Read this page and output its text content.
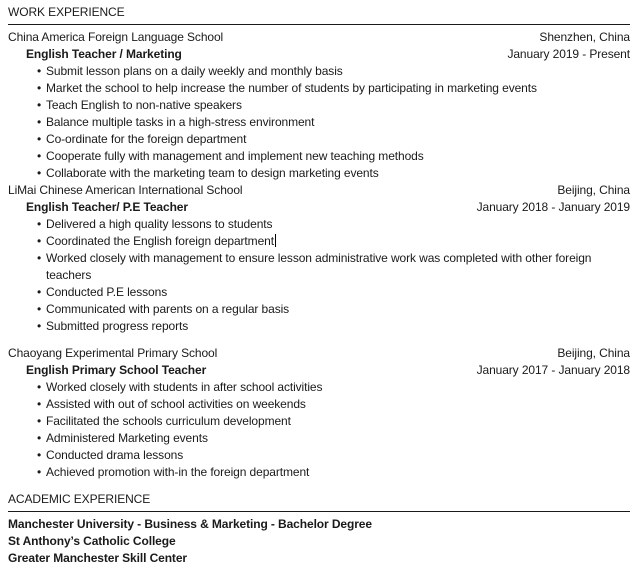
WORK EXPERIENCE
China America Foreign Language School	Shenzhen, China
English Teacher / Marketing	January 2019 - Present
• Submit lesson plans on a daily weekly and monthly basis
• Market the school to help increase the number of students by participating in marketing events
• Teach English to non-native speakers
• Balance multiple tasks in a high-stress environment
• Co-ordinate for the foreign department
• Cooperate fully with management and implement new teaching methods
• Collaborate with the marketing team to design marketing events
LiMai Chinese American International School	Beijing, China
English Teacher/ P.E Teacher	January 2018 - January 2019
• Delivered a high quality lessons to students
• Coordinated the English foreign department
• Worked closely with management to ensure lesson administrative work was completed with other foreign teachers
• Conducted P.E lessons
• Communicated with parents on a regular basis
• Submitted progress reports
Chaoyang Experimental Primary School	Beijing, China
English Primary School Teacher	January 2017 - January 2018
• Worked closely with students in after school activities
• Assisted with out of school activities on weekends
• Facilitated the schools curriculum development
• Administered Marketing events
• Conducted drama lessons
• Achieved promotion with-in the foreign department
ACADEMIC EXPERIENCE
Manchester University - Business & Marketing - Bachelor Degree
St Anthony’s Catholic College
Greater Manchester Skill Center
